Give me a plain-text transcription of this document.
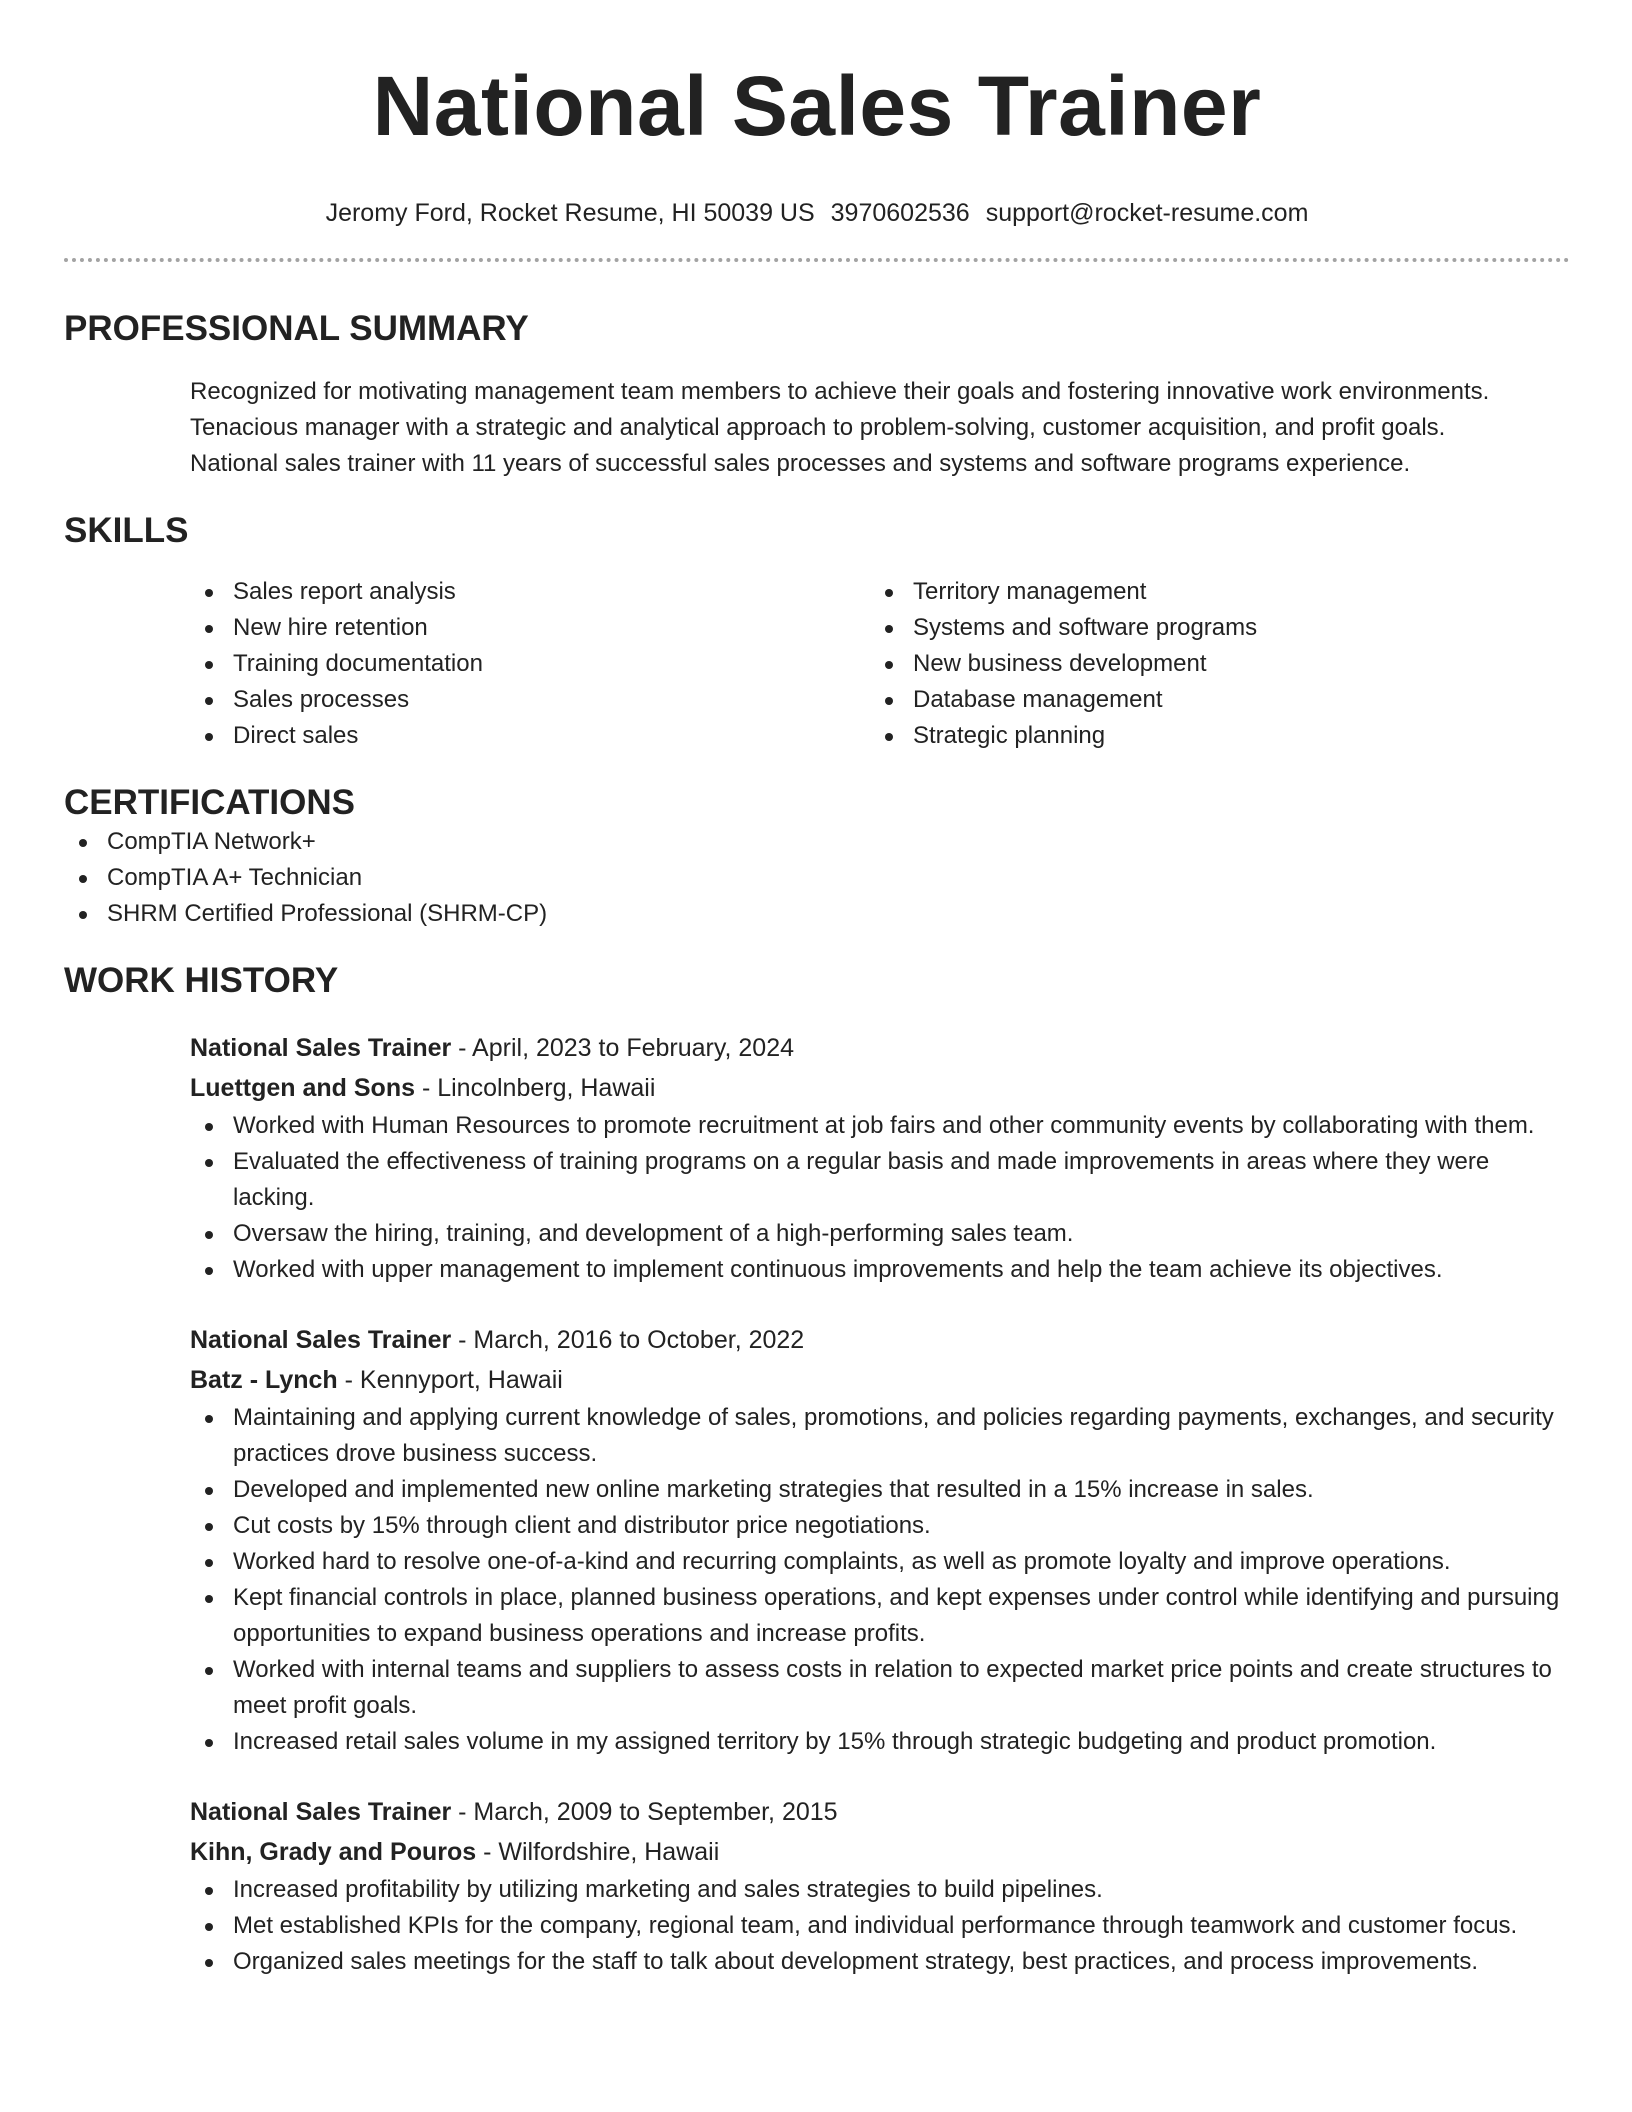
National Sales Trainer
Jeromy Ford, Rocket Resume, HI 50039 US 3970602536 support@rocket-resume.com
PROFESSIONAL SUMMARY
Recognized for motivating management team members to achieve their goals and fostering innovative work environments.
Tenacious manager with a strategic and analytical approach to problem-solving, customer acquisition, and profit goals.
National sales trainer with 11 years of successful sales processes and systems and software programs experience.
SKILLS
Sales report analysis
New hire retention
Training documentation
Sales processes
Direct sales
Territory management
Systems and software programs
New business development
Database management
Strategic planning
CERTIFICATIONS
CompTIA Network+
CompTIA A+ Technician
SHRM Certified Professional (SHRM-CP)
WORK HISTORY
National Sales Trainer - April, 2023 to February, 2024
Luettgen and Sons - Lincolnberg, Hawaii
Worked with Human Resources to promote recruitment at job fairs and other community events by collaborating with them.
Evaluated the effectiveness of training programs on a regular basis and made improvements in areas where they were lacking.
Oversaw the hiring, training, and development of a high-performing sales team.
Worked with upper management to implement continuous improvements and help the team achieve its objectives.
National Sales Trainer - March, 2016 to October, 2022
Batz - Lynch - Kennyport, Hawaii
Maintaining and applying current knowledge of sales, promotions, and policies regarding payments, exchanges, and security practices drove business success.
Developed and implemented new online marketing strategies that resulted in a 15% increase in sales.
Cut costs by 15% through client and distributor price negotiations.
Worked hard to resolve one-of-a-kind and recurring complaints, as well as promote loyalty and improve operations.
Kept financial controls in place, planned business operations, and kept expenses under control while identifying and pursuing opportunities to expand business operations and increase profits.
Worked with internal teams and suppliers to assess costs in relation to expected market price points and create structures to meet profit goals.
Increased retail sales volume in my assigned territory by 15% through strategic budgeting and product promotion.
National Sales Trainer - March, 2009 to September, 2015
Kihn, Grady and Pouros - Wilfordshire, Hawaii
Increased profitability by utilizing marketing and sales strategies to build pipelines.
Met established KPIs for the company, regional team, and individual performance through teamwork and customer focus.
Organized sales meetings for the staff to talk about development strategy, best practices, and process improvements.
